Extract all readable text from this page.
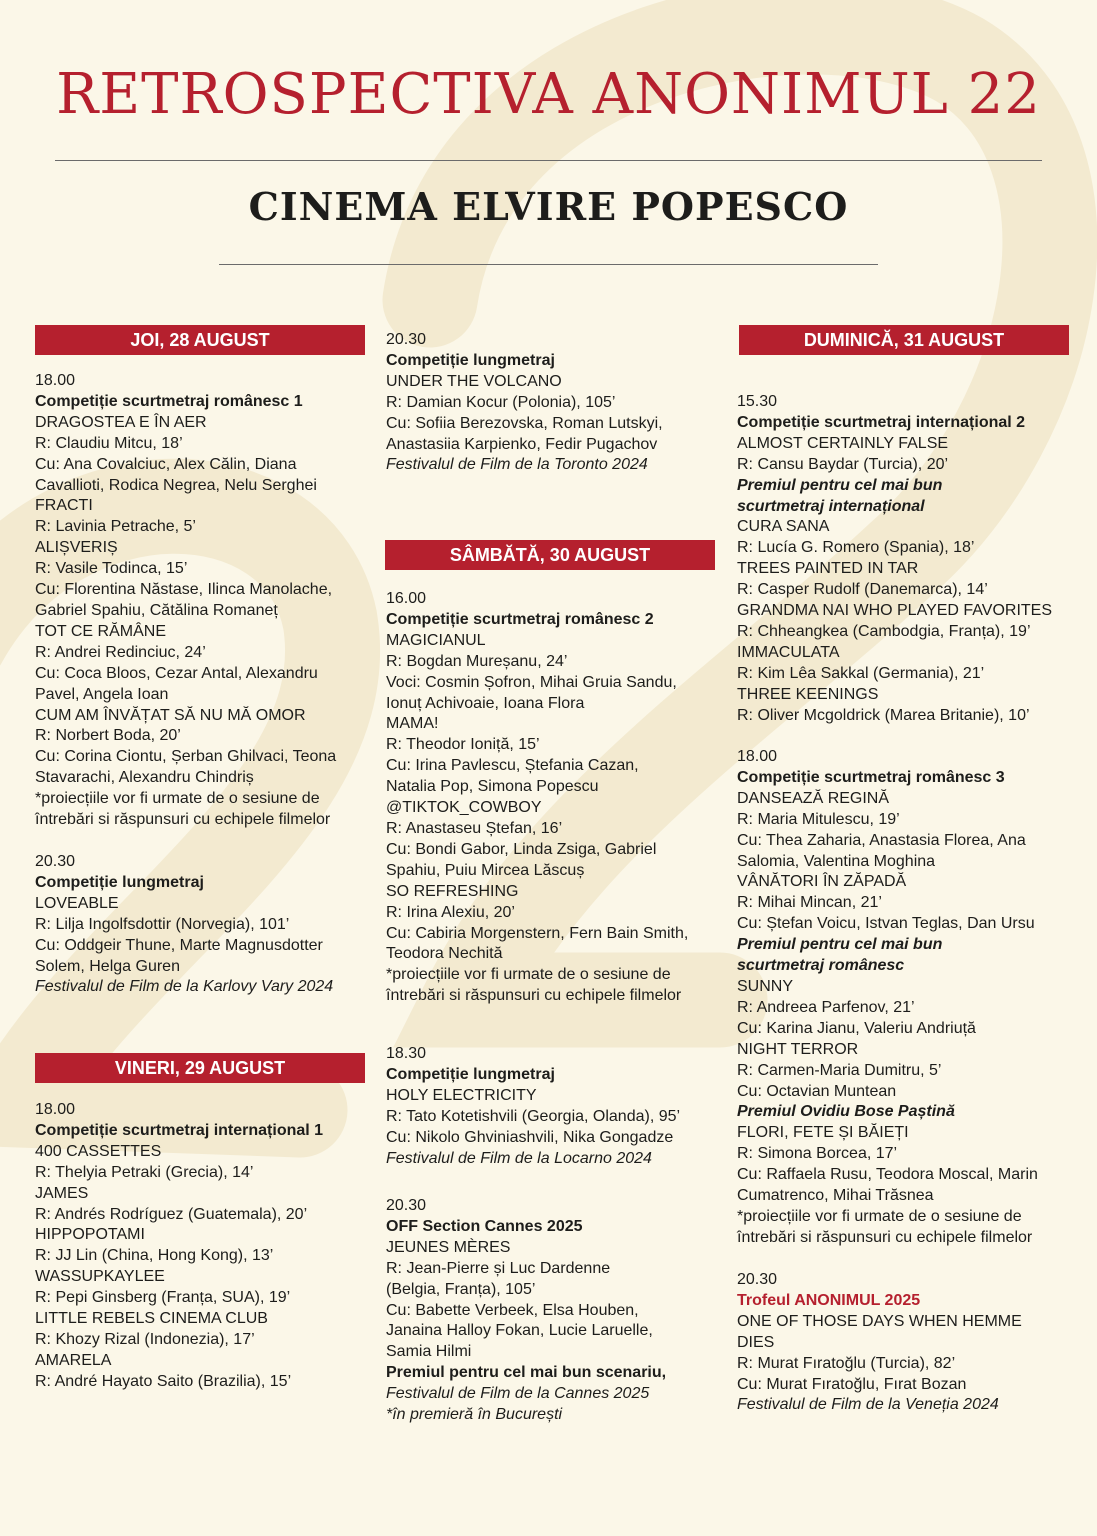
RETROSPECTIVA ANONIMUL 22
CINEMA ELVIRE POPESCO
JOI, 28 AUGUST
18.00
Competiție scurtmetraj românesc 1
DRAGOSTEA E ÎN AER
R: Claudiu Mitcu, 18’
Cu: Ana Covalciuc, Alex Călin, Diana
Cavallioti, Rodica Negrea, Nelu Serghei
FRACTI
R: Lavinia Petrache, 5’
ALIȘVERIȘ
R: Vasile Todinca, 15’
Cu: Florentina Năstase, Ilinca Manolache,
Gabriel Spahiu, Cătălina Romaneț
TOT CE RĂMÂNE
R: Andrei Redinciuc, 24’
Cu: Coca Bloos, Cezar Antal, Alexandru
Pavel, Angela Ioan
CUM AM ÎNVĂȚAT SĂ NU MĂ OMOR
R: Norbert Boda, 20’
Cu: Corina Ciontu, Șerban Ghilvaci, Teona
Stavarachi, Alexandru Chindriș
*proiecțiile vor fi urmate de o sesiune de
întrebări si răspunsuri cu echipele filmelor
20.30
Competiție lungmetraj
LOVEABLE
R: Lilja Ingolfsdottir (Norvegia), 101’
Cu: Oddgeir Thune, Marte Magnusdotter
Solem, Helga Guren
Festivalul de Film de la Karlovy Vary 2024
VINERI, 29 AUGUST
18.00
Competiție scurtmetraj internațional 1
400 CASSETTES
R: Thelyia Petraki (Grecia), 14’
JAMES
R: Andrés Rodríguez (Guatemala), 20’
HIPPOPOTAMI
R: JJ Lin (China, Hong Kong), 13’
WASSUPKAYLEE
R: Pepi Ginsberg (Franța, SUA), 19’
LITTLE REBELS CINEMA CLUB
R: Khozy Rizal (Indonezia), 17’
AMARELA
R: André Hayato Saito (Brazilia), 15’
20.30
Competiție lungmetraj
UNDER THE VOLCANO
R: Damian Kocur (Polonia), 105’
Cu: Sofiia Berezovska, Roman Lutskyi,
Anastasiia Karpienko, Fedir Pugachov
Festivalul de Film de la Toronto 2024
SÂMBĂTĂ, 30 AUGUST
16.00
Competiție scurtmetraj românesc 2
MAGICIANUL
R: Bogdan Mureșanu, 24’
Voci: Cosmin Șofron, Mihai Gruia Sandu,
Ionuț Achivoaie, Ioana Flora
MAMA!
R: Theodor Ioniță, 15’
Cu: Irina Pavlescu, Ștefania Cazan,
Natalia Pop, Simona Popescu
@TIKTOK_COWBOY
R: Anastaseu Ștefan, 16’
Cu: Bondi Gabor, Linda Zsiga, Gabriel
Spahiu, Puiu Mircea Lăscuș
SO REFRESHING
R: Irina Alexiu, 20’
Cu: Cabiria Morgenstern, Fern Bain Smith,
Teodora Nechită
*proiecțiile vor fi urmate de o sesiune de
întrebări si răspunsuri cu echipele filmelor
18.30
Competiție lungmetraj
HOLY ELECTRICITY
R: Tato Kotetishvili (Georgia, Olanda), 95’
Cu: Nikolo Ghviniashvili, Nika Gongadze
Festivalul de Film de la Locarno 2024
20.30
OFF Section Cannes 2025
JEUNES MÈRES
R: Jean-Pierre și Luc Dardenne
(Belgia, Franța), 105’
Cu: Babette Verbeek, Elsa Houben,
Janaina Halloy Fokan, Lucie Laruelle,
Samia Hilmi
Premiul pentru cel mai bun scenariu,
Festivalul de Film de la Cannes 2025
*în premieră în București
DUMINICĂ, 31 AUGUST
15.30
Competiție scurtmetraj internațional 2
ALMOST CERTAINLY FALSE
R: Cansu Baydar (Turcia), 20’
Premiul pentru cel mai bun
scurtmetraj internațional
CURA SANA
R: Lucía G. Romero (Spania), 18’
TREES PAINTED IN TAR
R: Casper Rudolf (Danemarca), 14’
GRANDMA NAI WHO PLAYED FAVORITES
R: Chheangkea (Cambodgia, Franța), 19’
IMMACULATA
R: Kim Lêa Sakkal (Germania), 21’
THREE KEENINGS
R: Oliver Mcgoldrick (Marea Britanie), 10’
18.00
Competiție scurtmetraj românesc 3
DANSEAZĂ REGINĂ
R: Maria Mitulescu, 19’
Cu: Thea Zaharia, Anastasia Florea, Ana
Salomia, Valentina Moghina
VÂNĂTORI ÎN ZĂPADĂ
R: Mihai Mincan, 21’
Cu: Ștefan Voicu, Istvan Teglas, Dan Ursu
Premiul pentru cel mai bun
scurtmetraj românesc
SUNNY
R: Andreea Parfenov, 21’
Cu: Karina Jianu, Valeriu Andriuță
NIGHT TERROR
R: Carmen-Maria Dumitru, 5’
Cu: Octavian Muntean
Premiul Ovidiu Bose Paștină
FLORI, FETE ȘI BĂIEȚI
R: Simona Borcea, 17’
Cu: Raffaela Rusu, Teodora Moscal, Marin
Cumatrenco, Mihai Trăsnea
*proiecțiile vor fi urmate de o sesiune de
întrebări si răspunsuri cu echipele filmelor
20.30
Trofeul ANONIMUL 2025
ONE OF THOSE DAYS WHEN HEMME
DIES
R: Murat Fıratoğlu (Turcia), 82’
Cu: Murat Fıratoğlu, Fırat Bozan
Festivalul de Film de la Veneția 2024
